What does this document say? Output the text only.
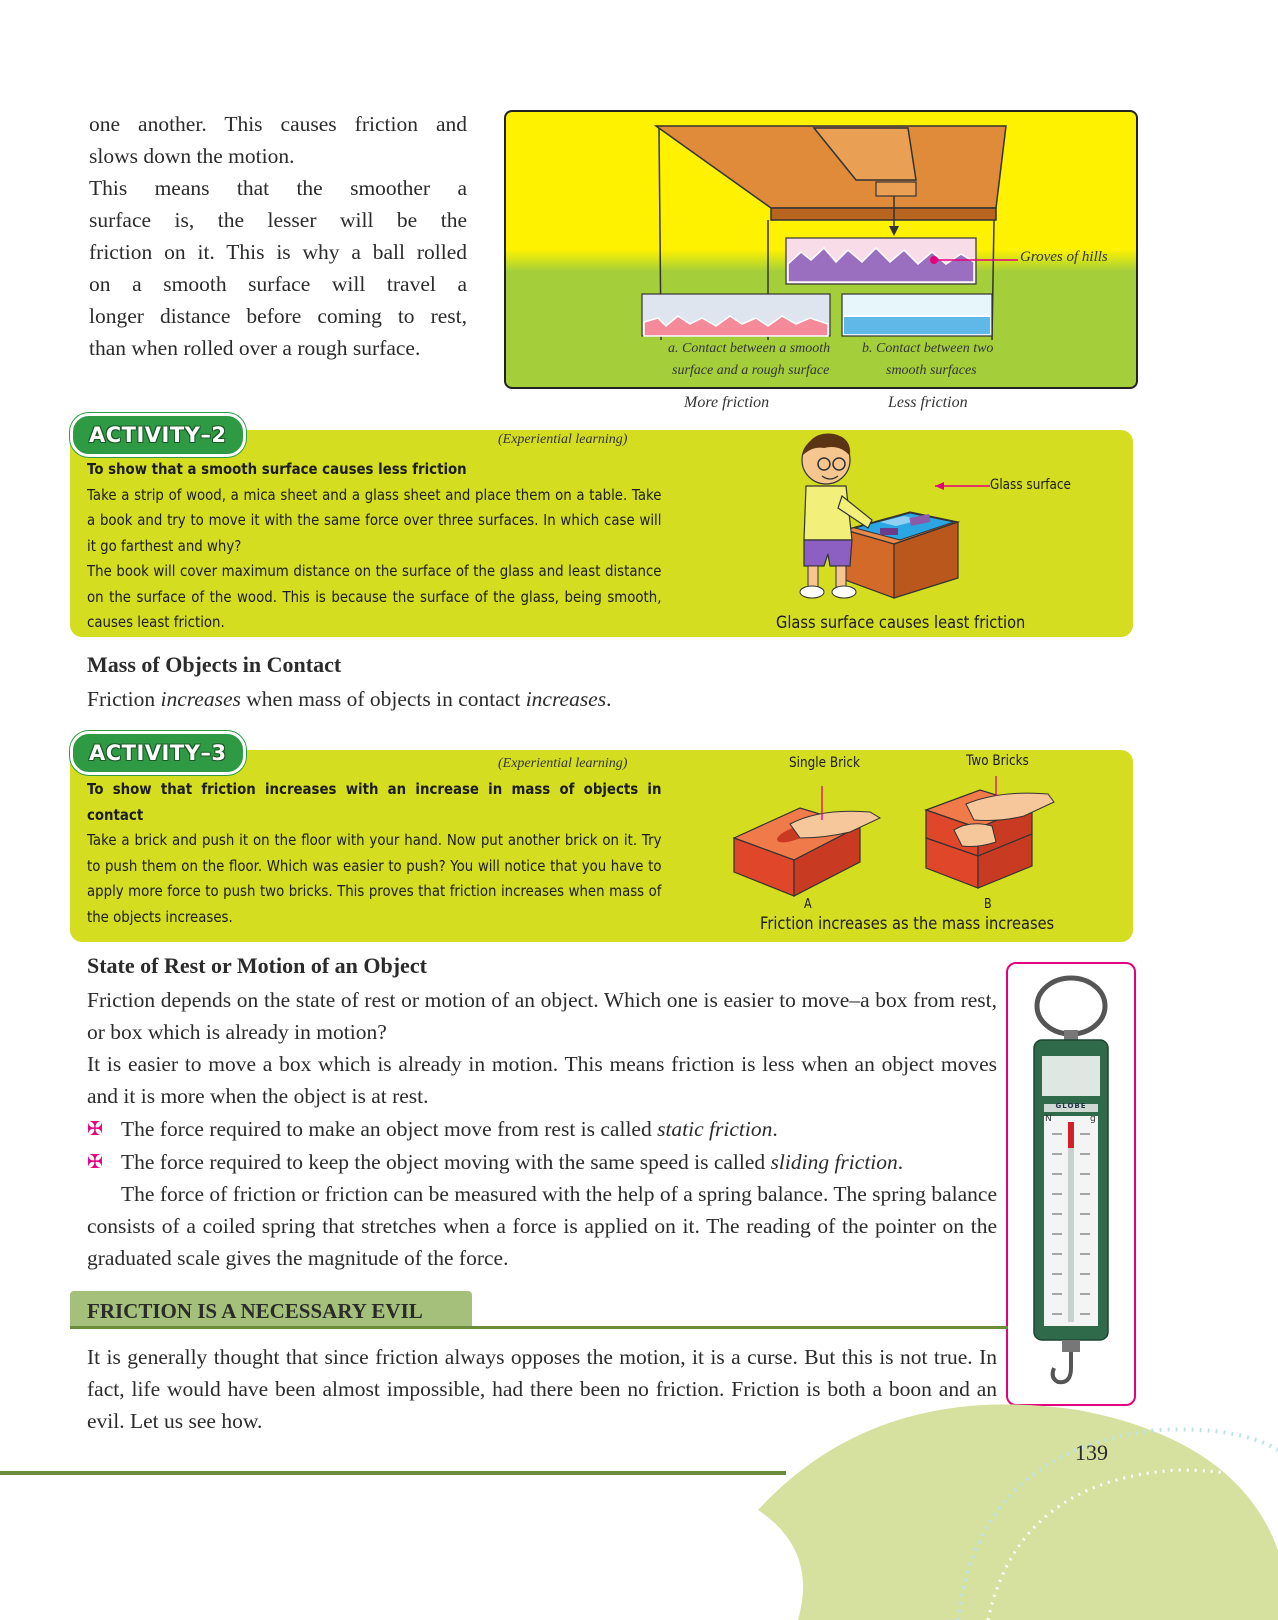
one another. This causes friction and
slows down the motion.
This means that the smoother a
surface is, the lesser will be the
friction on it. This is why a ball rolled
on a smooth surface will travel a
longer distance before coming to rest,
than when rolled over a rough surface.
Groves of hills
a. Contact between a smooth
surface and a rough surface
b. Contact between two
smooth surfaces
More friction	Less friction
ACTIVITY–2	(Experiential learning)

To show that a smooth surface causes less friction

Take a strip of wood, a mica sheet and a glass sheet and place them on a table. Take a book and try to move it with the same force over three surfaces. In which case will it go farthest and why?

The book will cover maximum distance on the surface of the glass and least distance on the surface of the wood. This is because the surface of the glass, being smooth, causes least friction.

Glass surface
Glass surface causes least friction
Mass of Objects in Contact
Friction increases when mass of objects in contact increases.
ACTIVITY–3	(Experiential learning)

To show that friction increases with an increase in mass of objects in contact

Take a brick and push it on the floor with your hand. Now put another brick on it. Try to push them on the floor. Which was easier to push? You will notice that you have to apply more force to push two bricks. This proves that friction increases when mass of the objects increases.

Single Brick	Two Bricks
A	B
Friction increases as the mass increases
State of Rest or Motion of an Object
Friction depends on the state of rest or motion of an object. Which one is easier to move–a box from rest, or box which is already in motion?
It is easier to move a box which is already in motion. This means friction is less when an object moves and it is more when the object is at rest.
✠ The force required to make an object move from rest is called static friction.
✠ The force required to keep the object moving with the same speed is called sliding friction.
The force of friction or friction can be measured with the help of a spring balance. The spring balance consists of a coiled spring that stretches when a force is applied on it. The reading of the pointer on the graduated scale gives the magnitude of the force.
GLOBE
N	g
FRICTION IS A NECESSARY EVIL
It is generally thought that since friction always opposes the motion, it is a curse. But this is not true. In fact, life would have been almost impossible, had there been no friction. Friction is both a boon and an evil. Let us see how.
139
